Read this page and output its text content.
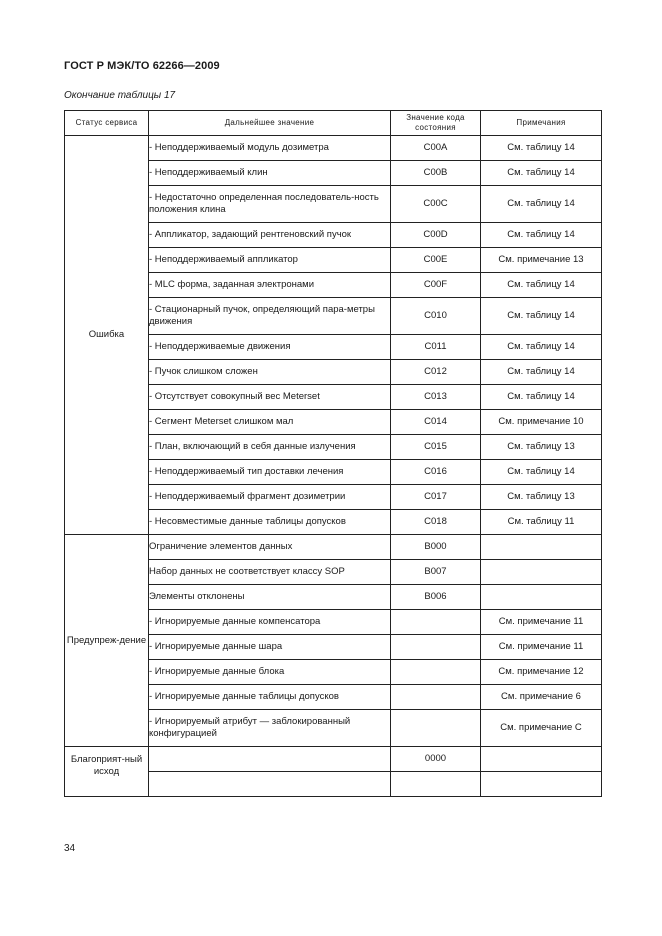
ГОСТ Р МЭК/ТО 62266—2009
Окончание таблицы 17
Статус сервиса	Дальнейшее значение	Значение кода состояния	Примечания
Ошибка	- Неподдерживаемый модуль дозиметра	C00A	См. таблицу 14
	- Неподдерживаемый клин	C00B	См. таблицу 14
	- Недостаточно определенная последователь-ность положения клина	C00C	См. таблицу 14
	- Аппликатор, задающий рентгеновский пучок	C00D	См. таблицу 14
	- Неподдерживаемый аппликатор	C00E	См. примечание 13
	- MLC форма, заданная электронами	C00F	См. таблицу 14
	- Стационарный пучок, определяющий пара-метры движения	C010	См. таблицу 14
	- Неподдерживаемые движения	C011	См. таблицу 14
	- Пучок слишком сложен	C012	См. таблицу 14
	- Отсутствует совокупный вес Meterset	C013	См. таблицу 14
	- Сегмент Meterset слишком мал	C014	См. примечание 10
	- План, включающий в себя данные излучения	C015	См. таблицу 13
	- Неподдерживаемый тип доставки лечения	C016	См. таблицу 14
	- Неподдерживаемый фрагмент дозиметрии	C017	См. таблицу 13
	- Несовместимые данные таблицы допусков	C018	См. таблицу 11
Предупреж-дение	Ограничение элементов данных	B000	
	Набор данных не соответствует классу SOP	B007	
	Элементы отклонены	B006	
	- Игнорируемые данные компенсатора		См. примечание 11
	- Игнорируемые данные шара		См. примечание 11
	- Игнорируемые данные блока		См. примечание 12
	- Игнорируемые данные таблицы допусков		См. примечание 6
	- Игнорируемый атрибут — заблокированный конфигурацией		См. примечание С
Благоприят-ный исход		0000	

34
